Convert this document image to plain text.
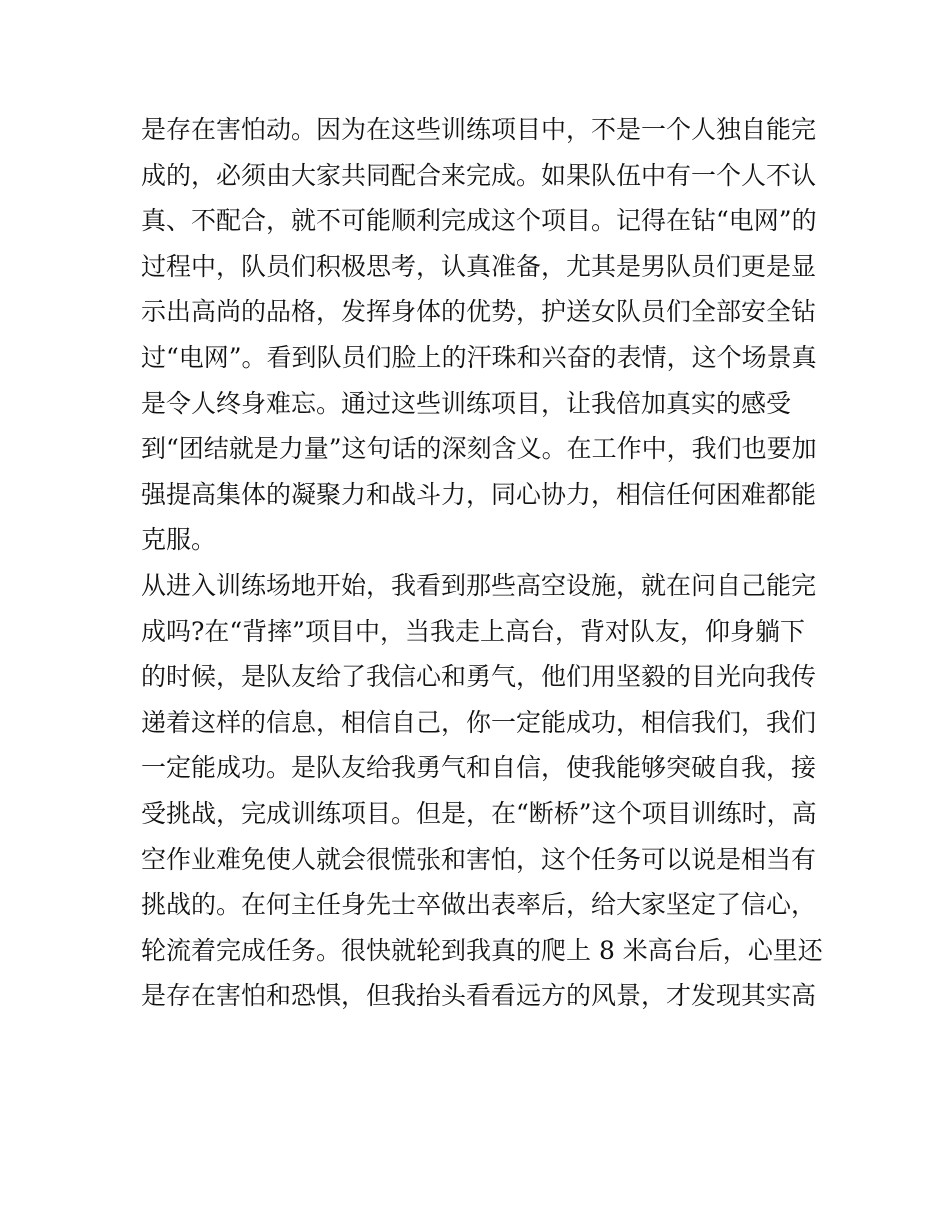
是存在害怕动。因为在这些训练项目中，不是一个人独自能完
成的，必须由大家共同配合来完成。如果队伍中有一个人不认
真、不配合，就不可能顺利完成这个项目。记得在钻“电网”的
过程中，队员们积极思考，认真准备，尤其是男队员们更是显
示出高尚的品格，发挥身体的优势，护送女队员们全部安全钻
过“电网”。看到队员们脸上的汗珠和兴奋的表情，这个场景真
是令人终身难忘。通过这些训练项目，让我倍加真实的感受
到“团结就是力量”这句话的深刻含义。在工作中，我们也要加
强提高集体的凝聚力和战斗力，同心协力，相信任何困难都能
克服。
从进入训练场地开始，我看到那些高空设施，就在问自己能完
成吗?在“背摔”项目中，当我走上高台，背对队友，仰身躺下
的时候，是队友给了我信心和勇气，他们用坚毅的目光向我传
递着这样的信息，相信自己，你一定能成功，相信我们，我们
一定能成功。是队友给我勇气和自信，使我能够突破自我，接
受挑战，完成训练项目。但是，在“断桥”这个项目训练时，高
空作业难免使人就会很慌张和害怕，这个任务可以说是相当有
挑战的。在何主任身先士卒做出表率后，给大家坚定了信心，
轮流着完成任务。很快就轮到我真的爬上 8 米高台后，心里还
是存在害怕和恐惧，但我抬头看看远方的风景，才发现其实高
